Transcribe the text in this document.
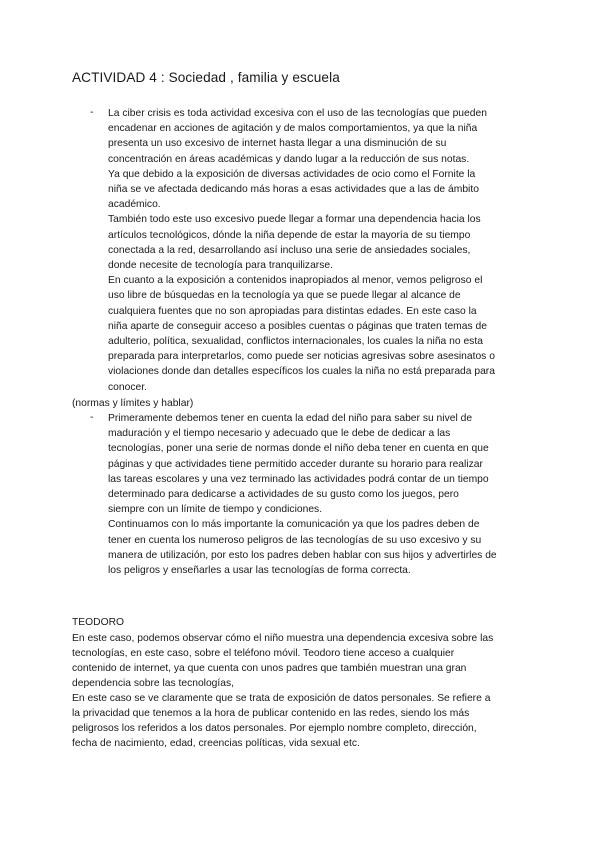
ACTIVIDAD 4 : Sociedad , familia y escuela
- La ciber crisis es toda actividad excesiva con el uso de las tecnologías que pueden
encadenar en acciones de agitación y de malos comportamientos, ya que la niña
presenta un uso excesivo de internet hasta llegar a una disminución de su
concentración en áreas académicas y dando lugar a la reducción de sus notas.
Ya que debido a la exposición de diversas actividades de ocio como el Fornite la
niña se ve afectada dedicando más horas a esas actividades que a las de ámbito
académico.
También todo este uso excesivo puede llegar a formar una dependencia hacia los
artículos tecnológicos, dónde la niña depende de estar la mayoría de su tiempo
conectada a la red, desarrollando así incluso una serie de ansiedades sociales,
donde necesite de tecnología para tranquilizarse.
En cuanto a la exposición a contenidos inapropiados al menor, vemos peligroso el
uso libre de búsquedas en la tecnología ya que se puede llegar al alcance de
cualquiera fuentes que no son apropiadas para distintas edades. En este caso la
niña aparte de conseguir acceso a posibles cuentas o páginas que traten temas de
adulterio, política, sexualidad, conflictos internacionales, los cuales la niña no esta
preparada para interpretarlos, como puede ser noticias agresivas sobre asesinatos o
violaciones donde dan detalles específicos los cuales la niña no está preparada para
conocer.
(normas y límites y hablar)
- Primeramente debemos tener en cuenta la edad del niño para saber su nivel de
maduración y el tiempo necesario y adecuado que le debe de dedicar a las
tecnologías, poner una serie de normas donde el niño deba tener en cuenta en que
páginas y que actividades tiene permitido acceder durante su horario para realizar
las tareas escolares y una vez terminado las actividades podrá contar de un tiempo
determinado para dedicarse a actividades de su gusto como los juegos, pero
siempre con un límite de tiempo y condiciones.
Continuamos con lo más importante la comunicación ya que los padres deben de
tener en cuenta los numeroso peligros de las tecnologías de su uso excesivo y su
manera de utilización, por esto los padres deben hablar con sus hijos y advertirles de
los peligros y enseñarles a usar las tecnologías de forma correcta.
TEODORO
En este caso, podemos observar cómo el niño muestra una dependencia excesiva sobre las
tecnologías, en este caso, sobre el teléfono móvil. Teodoro tiene acceso a cualquier
contenido de internet, ya que cuenta con unos padres que también muestran una gran
dependencia sobre las tecnologías,
En este caso se ve claramente que se trata de exposición de datos personales. Se refiere a
la privacidad que tenemos a la hora de publicar contenido en las redes, siendo los más
peligrosos los referidos a los datos personales. Por ejemplo nombre completo, dirección,
fecha de nacimiento, edad, creencias políticas, vida sexual etc.
